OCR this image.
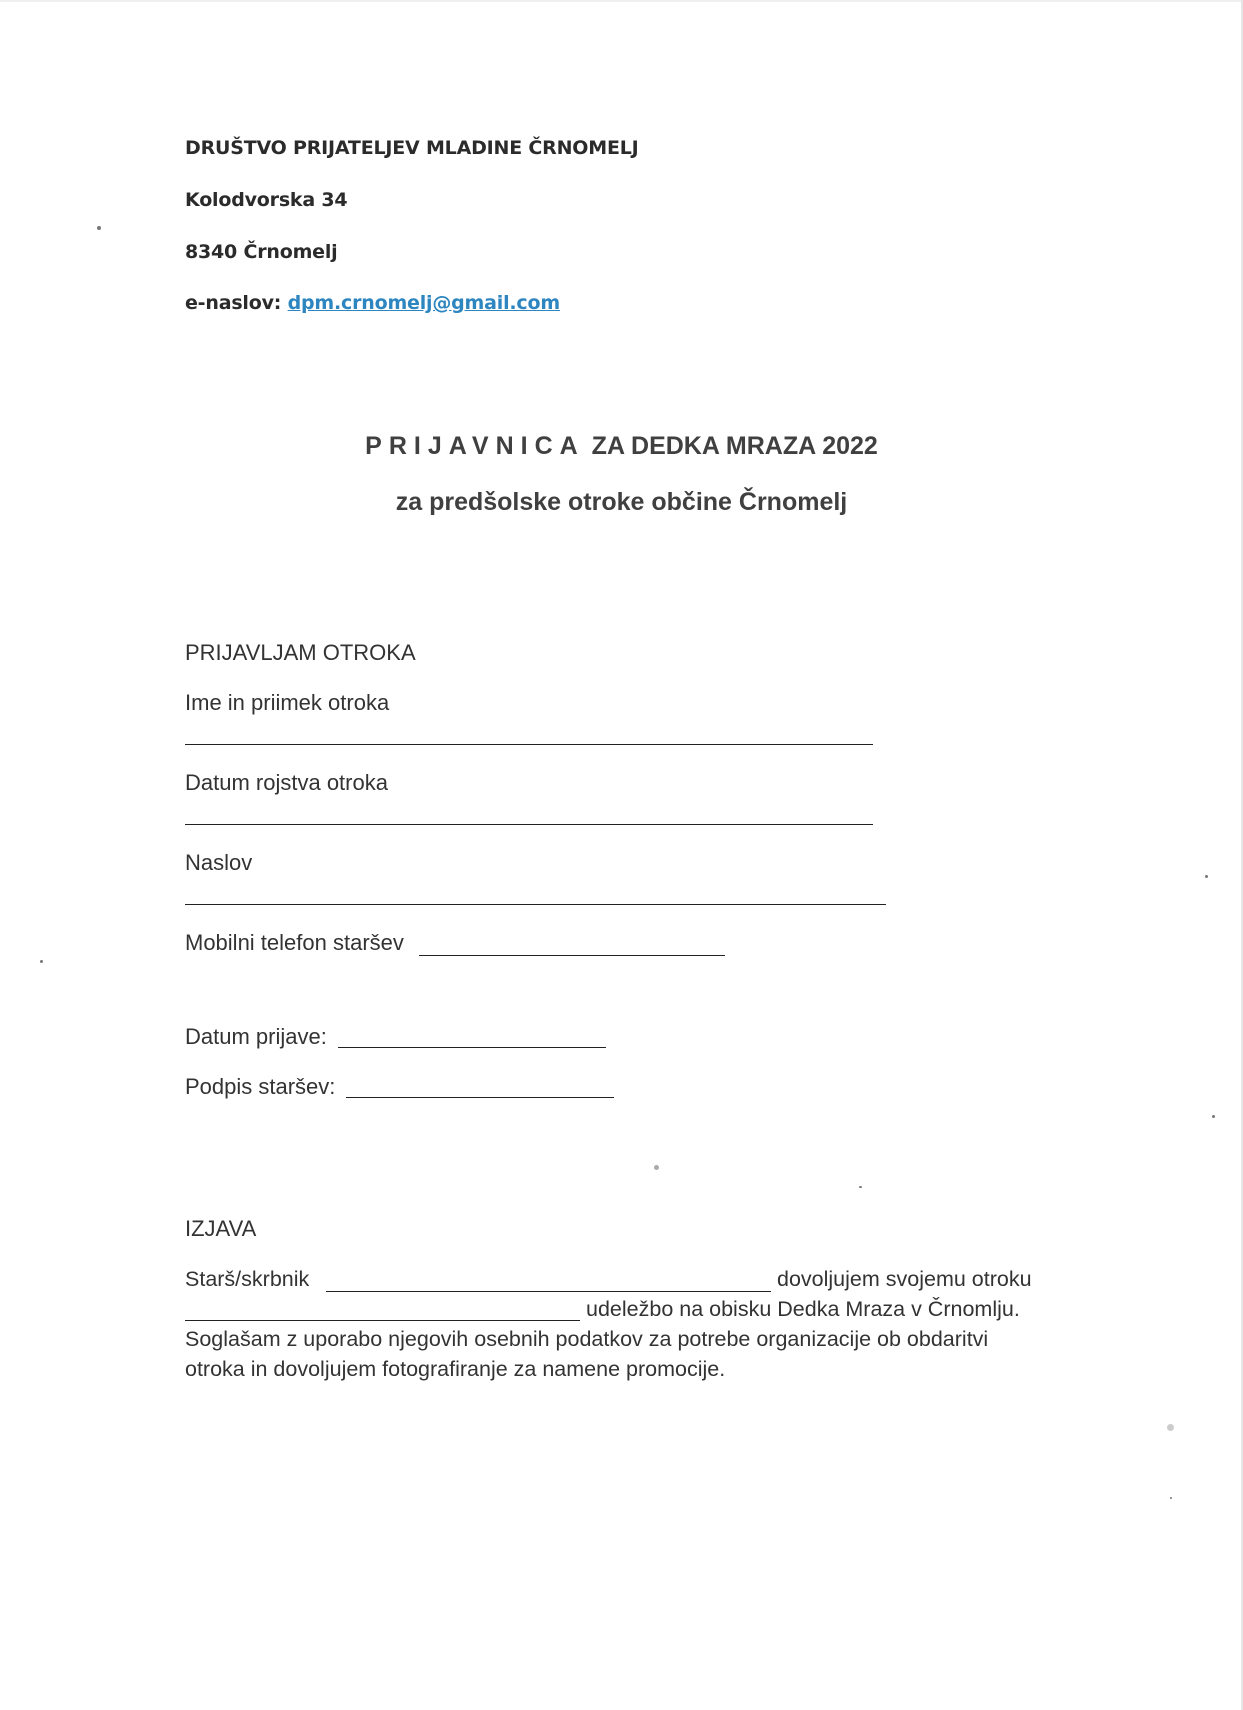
DRUŠTVO PRIJATELJEV MLADINE ČRNOMELJ
Kolodvorska 34
8340 Črnomelj
e-naslov: dpm.crnomelj@gmail.com
PRIJAVNICA ZA DEDKA MRAZA 2022
za predšolske otroke občine Črnomelj
PRIJAVLJAM OTROKA
Ime in priimek otroka
Datum rojstva otroka
Naslov
Mobilni telefon staršev
Datum prijave:
Podpis staršev:
IZJAVA
Starš/skrbnik	dovoljujem svojemu otroku
udeležbo na obisku Dedka Mraza v Črnomlju.
Soglašam z uporabo njegovih osebnih podatkov za potrebe organizacije ob obdaritvi
otroka in dovoljujem fotografiranje za namene promocije.
